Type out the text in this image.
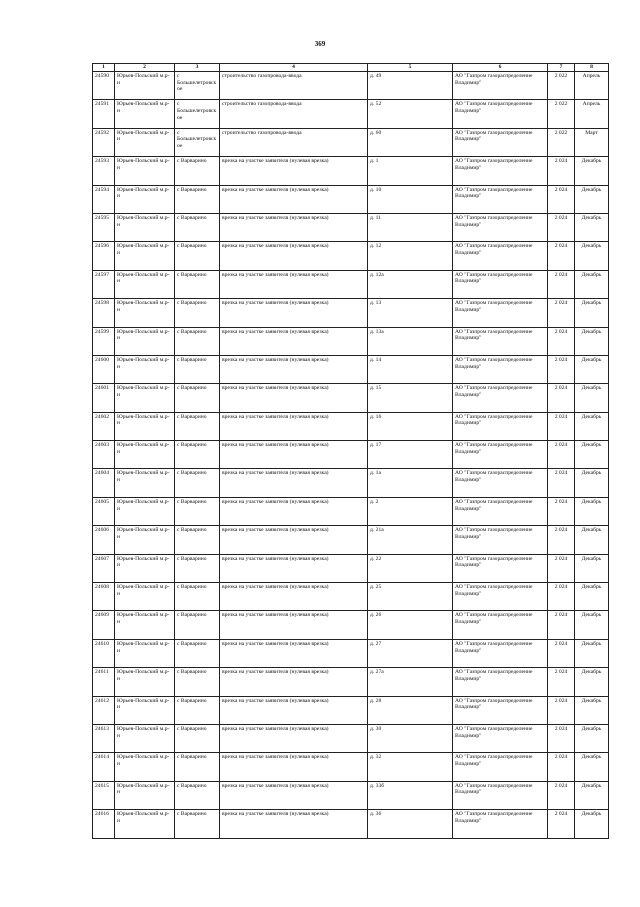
369
1	2	3	4	5	6	7	8
24590	Юрьев-Польский м.р-н	с Большелетровское	строительство газопровода-ввода	д. 49	АО "Газпром газораспределение Владимир"	2 022	Апрель
24591	Юрьев-Польский м.р-н	с Большелетровское	строительство газопровода-ввода	д. 52	АО "Газпром газораспределение Владимир"	2 022	Апрель
24592	Юрьев-Польский м.р-н	с Большелетровское	строительство газопровода-ввода	д. 60	АО "Газпром газораспределение Владимир"	2 022	Март
24593	Юрьев-Польский м.р-н	с Варварино	врезка на участке заявителя (нулевая врезка)	д. 1	АО "Газпром газораспределение Владимир"	2 024	Декабрь
24594	Юрьев-Польский м.р-н	с Варварино	врезка на участке заявителя (нулевая врезка)	д. 10	АО "Газпром газораспределение Владимир"	2 024	Декабрь
24595	Юрьев-Польский м.р-н	с Варварино	врезка на участке заявителя (нулевая врезка)	д. 11	АО "Газпром газораспределение Владимир"	2 024	Декабрь
24596	Юрьев-Польский м.р-н	с Варварино	врезка на участке заявителя (нулевая врезка)	д. 12	АО "Газпром газораспределение Владимир"	2 024	Декабрь
24597	Юрьев-Польский м.р-н	с Варварино	врезка на участке заявителя (нулевая врезка)	д. 12а	АО "Газпром газораспределение Владимир"	2 024	Декабрь
24598	Юрьев-Польский м.р-н	с Варварино	врезка на участке заявителя (нулевая врезка)	д. 13	АО "Газпром газораспределение Владимир"	2 024	Декабрь
24599	Юрьев-Польский м.р-н	с Варварино	врезка на участке заявителя (нулевая врезка)	д. 13а	АО "Газпром газораспределение Владимир"	2 024	Декабрь
24600	Юрьев-Польский м.р-н	с Варварино	врезка на участке заявителя (нулевая врезка)	д. 14	АО "Газпром газораспределение Владимир"	2 024	Декабрь
24601	Юрьев-Польский м.р-н	с Варварино	врезка на участке заявителя (нулевая врезка)	д. 15	АО "Газпром газораспределение Владимир"	2 024	Декабрь
24602	Юрьев-Польский м.р-н	с Варварино	врезка на участке заявителя (нулевая врезка)	д. 16	АО "Газпром газораспределение Владимир"	2 024	Декабрь
24603	Юрьев-Польский м.р-н	с Варварино	врезка на участке заявителя (нулевая врезка)	д. 17	АО "Газпром газораспределение Владимир"	2 024	Декабрь
24604	Юрьев-Польский м.р-н	с Варварино	врезка на участке заявителя (нулевая врезка)	д. 1а	АО "Газпром газораспределение Владимир"	2 024	Декабрь
24605	Юрьев-Польский м.р-н	с Варварино	врезка на участке заявителя (нулевая врезка)	д. 2	АО "Газпром газораспределение Владимир"	2 024	Декабрь
24606	Юрьев-Польский м.р-н	с Варварино	врезка на участке заявителя (нулевая врезка)	д. 21а	АО "Газпром газораспределение Владимир"	2 024	Декабрь
24607	Юрьев-Польский м.р-н	с Варварино	врезка на участке заявителя (нулевая врезка)	д. 22	АО "Газпром газораспределение Владимир"	2 024	Декабрь
24608	Юрьев-Польский м.р-н	с Варварино	врезка на участке заявителя (нулевая врезка)	д. 25	АО "Газпром газораспределение Владимир"	2 024	Декабрь
24609	Юрьев-Польский м.р-н	с Варварино	врезка на участке заявителя (нулевая врезка)	д. 26	АО "Газпром газораспределение Владимир"	2 024	Декабрь
24610	Юрьев-Польский м.р-н	с Варварино	врезка на участке заявителя (нулевая врезка)	д. 27	АО "Газпром газораспределение Владимир"	2 024	Декабрь
24611	Юрьев-Польский м.р-н	с Варварино	врезка на участке заявителя (нулевая врезка)	д. 27а	АО "Газпром газораспределение Владимир"	2 024	Декабрь
24612	Юрьев-Польский м.р-н	с Варварино	врезка на участке заявителя (нулевая врезка)	д. 28	АО "Газпром газораспределение Владимир"	2 024	Декабрь
24613	Юрьев-Польский м.р-н	с Варварино	врезка на участке заявителя (нулевая врезка)	д. 30	АО "Газпром газораспределение Владимир"	2 024	Декабрь
24614	Юрьев-Польский м.р-н	с Варварино	врезка на участке заявителя (нулевая врезка)	д. 32	АО "Газпром газораспределение Владимир"	2 024	Декабрь
24615	Юрьев-Польский м.р-н	с Варварино	врезка на участке заявителя (нулевая врезка)	д. 33б	АО "Газпром газораспределение Владимир"	2 024	Декабрь
24616	Юрьев-Польский м.р-н	с Варварино	врезка на участке заявителя (нулевая врезка)	д. 36	АО "Газпром газораспределение Владимир"	2 024	Декабрь
